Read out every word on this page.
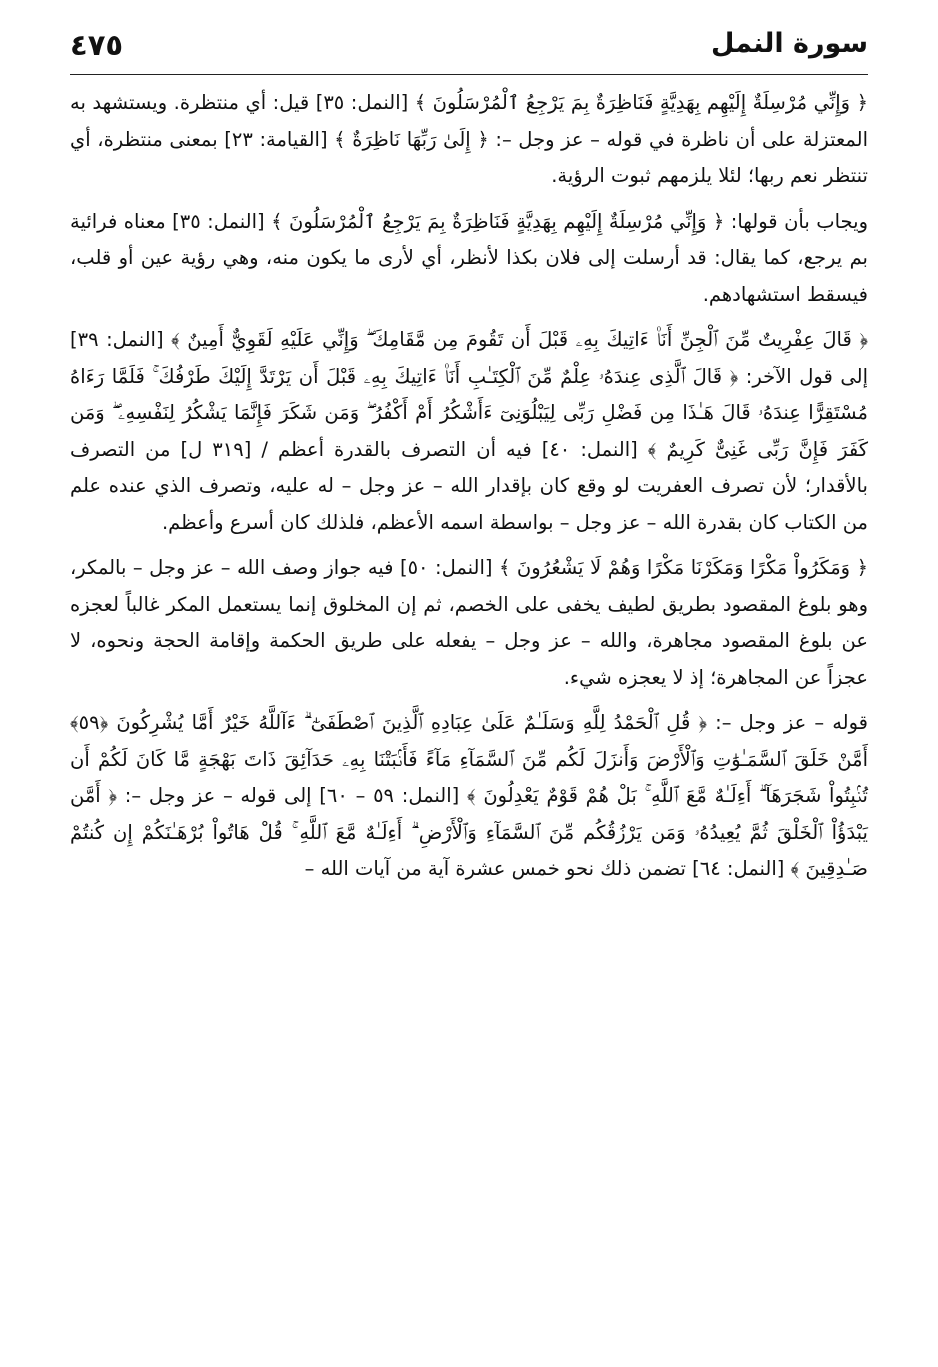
سورة النمل
٤٧٥

﴿ وَإِنِّي مُرْسِلَةٌ إِلَيْهِم بِهَدِيَّةٍ فَنَاظِرَةٌ بِمَ يَرْجِعُ ٱلْمُرْسَلُونَ ﴾ [النمل: ٣٥] قيل: أي منتظرة. ويستشهد به المعتزلة على أن ناظرة في قوله – عز وجل –: ﴿ إِلَىٰ رَبِّهَا نَاظِرَةٌ ﴾ [القيامة: ٢٣] بمعنى منتظرة، أي تنتظر نعم ربها؛ لئلا يلزمهم ثبوت الرؤية.

ويجاب بأن قولها: ﴿ وَإِنِّي مُرْسِلَةٌ إِلَيْهِم بِهَدِيَّةٍ فَنَاظِرَةٌ بِمَ يَرْجِعُ ٱلْمُرْسَلُونَ ﴾ [النمل: ٣٥] معناه فرائية بم يرجع، كما يقال: قد أرسلت إلى فلان بكذا لأنظر، أي لأرى ما يكون منه، وهي رؤية عين أو قلب، فيسقط استشهادهم.

﴿ قَالَ عِفْرِيتٌ مِّنَ ٱلْجِنِّ أَنَا۠ ءَاتِيكَ بِهِۦ قَبْلَ أَن تَقُومَ مِن مَّقَامِكَ ۖ وَإِنِّي عَلَيْهِ لَقَوِيٌّ أَمِينٌ ﴾ [النمل: ٣٩] إلى قول الآخر: ﴿ قَالَ ٱلَّذِى عِندَهُۥ عِلْمٌ مِّنَ ٱلْكِتَـٰبِ أَنَا۠ ءَاتِيكَ بِهِۦ قَبْلَ أَن يَرْتَدَّ إِلَيْكَ طَرْفُكَ ۚ فَلَمَّا رَءَاهُ مُسْتَقِرًّا عِندَهُۥ قَالَ هَـٰذَا مِن فَضْلِ رَبِّى لِيَبْلُوَنِىٓ ءَأَشْكُرُ أَمْ أَكْفُرُ ۖ وَمَن شَكَرَ فَإِنَّمَا يَشْكُرُ لِنَفْسِهِۦ ۖ وَمَن كَفَرَ فَإِنَّ رَبِّى غَنِىٌّ كَرِيمٌ ﴾ [النمل: ٤٠] فيه أن التصرف بالقدرة أعظم / [٣١٩ ل] من التصرف بالأقدار؛ لأن تصرف العفريت لو وقع كان بإقدار الله – عز وجل – له عليه، وتصرف الذي عنده علم من الكتاب كان بقدرة الله – عز وجل – بواسطة اسمه الأعظم، فلذلك كان أسرع وأعظم.

﴿ وَمَكَرُواْ مَكْرًا وَمَكَرْنَا مَكْرًا وَهُمْ لَا يَشْعُرُونَ ﴾ [النمل: ٥٠] فيه جواز وصف الله – عز وجل – بالمكر، وهو بلوغ المقصود بطريق لطيف يخفى على الخصم، ثم إن المخلوق إنما يستعمل المكر غالباً لعجزه عن بلوغ المقصود مجاهرة، والله – عز وجل – يفعله على طريق الحكمة وإقامة الحجة ونحوه، لا عجزاً عن المجاهرة؛ إذ لا يعجزه شيء.

قوله – عز وجل –: ﴿ قُلِ ٱلْحَمْدُ لِلَّهِ وَسَلَـٰمٌ عَلَىٰ عِبَادِهِ ٱلَّذِينَ ٱصْطَفَىٰٓ ۗ ءَآللَّهُ خَيْرٌ أَمَّا يُشْرِكُونَ ﴿٥٩﴾ أَمَّنْ خَلَقَ ٱلسَّمَـٰوَٰتِ وَٱلْأَرْضَ وَأَنزَلَ لَكُم مِّنَ ٱلسَّمَآءِ مَآءً فَأَنۢبَتْنَا بِهِۦ حَدَآئِقَ ذَاتَ بَهْجَةٍ مَّا كَانَ لَكُمْ أَن تُنۢبِتُواْ شَجَرَهَآ ۗ أَءِلَـٰهٌ مَّعَ ٱللَّهِ ۚ بَلْ هُمْ قَوْمٌ يَعْدِلُونَ ﴾ [النمل: ٥٩ – ٦٠] إلى قوله – عز وجل –: ﴿ أَمَّن يَبْدَؤُاْ ٱلْخَلْقَ ثُمَّ يُعِيدُهُۥ وَمَن يَرْزُقُكُم مِّنَ ٱلسَّمَآءِ وَٱلْأَرْضِ ۗ أَءِلَـٰهٌ مَّعَ ٱللَّهِ ۚ قُلْ هَاتُواْ بُرْهَـٰنَكُمْ إِن كُنتُمْ صَـٰدِقِينَ ﴾ [النمل: ٦٤] تضمن ذلك نحو خمس عشرة آية من آيات الله –
